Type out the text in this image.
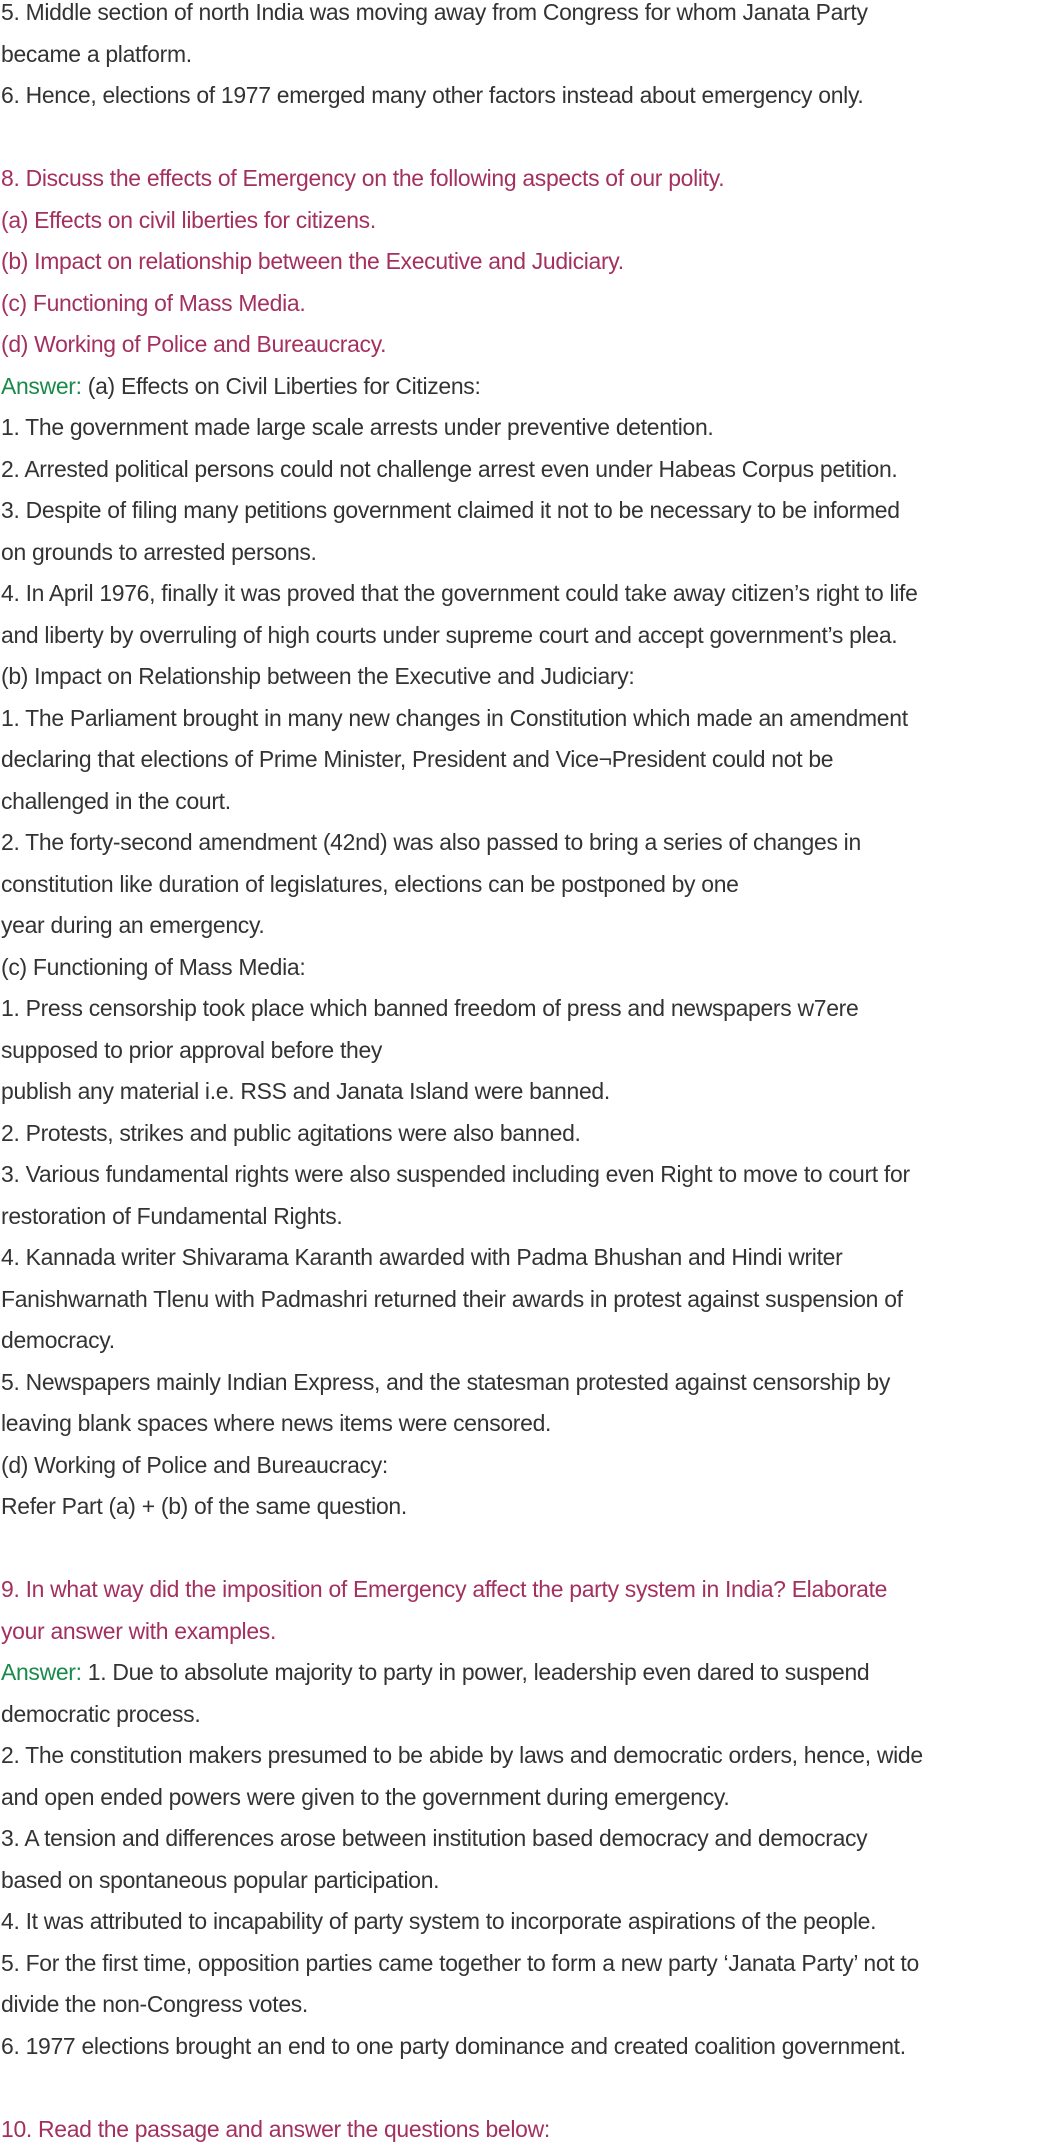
5. Middle section of north India was moving away from Congress for whom Janata Party

became a platform.

6. Hence, elections of 1977 emerged many other factors instead about emergency only.

8. Discuss the effects of Emergency on the following aspects of our polity.

(a) Effects on civil liberties for citizens.

(b) Impact on relationship between the Executive and Judiciary.

(c) Functioning of Mass Media.

(d) Working of Police and Bureaucracy.

Answer: (a) Effects on Civil Liberties for Citizens:

1. The government made large scale arrests under preventive detention.

2. Arrested political persons could not challenge arrest even under Habeas Corpus petition.

3. Despite of filing many petitions government claimed it not to be necessary to be informed

on grounds to arrested persons.

4. In April 1976, finally it was proved that the government could take away citizen’s right to life

and liberty by overruling of high courts under supreme court and accept government’s plea.

(b) Impact on Relationship between the Executive and Judiciary:

1. The Parliament brought in many new changes in Constitution which made an amendment

declaring that elections of Prime Minister, President and Vice¬President could not be

challenged in the court.

2. The forty-second amendment (42nd) was also passed to bring a series of changes in

constitution like duration of legislatures, elections can be postponed by one

year during an emergency.

(c) Functioning of Mass Media:

1. Press censorship took place which banned freedom of press and newspapers w7ere

supposed to prior approval before they

publish any material i.e. RSS and Janata Island were banned.

2. Protests, strikes and public agitations were also banned.

3. Various fundamental rights were also suspended including even Right to move to court for

restoration of Fundamental Rights.

4. Kannada writer Shivarama Karanth awarded with Padma Bhushan and Hindi writer

Fanishwarnath Tlenu with Padmashri returned their awards in protest against suspension of

democracy.

5. Newspapers mainly Indian Express, and the statesman protested against censorship by

leaving blank spaces where news items were censored.

(d) Working of Police and Bureaucracy:

Refer Part (a) + (b) of the same question.

9. In what way did the imposition of Emergency affect the party system in India? Elaborate

your answer with examples.

Answer: 1. Due to absolute majority to party in power, leadership even dared to suspend

democratic process.

2. The constitution makers presumed to be abide by laws and democratic orders, hence, wide

and open ended powers were given to the government during emergency.

3. A tension and differences arose between institution based democracy and democracy

based on spontaneous popular participation.

4. It was attributed to incapability of party system to incorporate aspirations of the people.

5. For the first time, opposition parties came together to form a new party ‘Janata Party’ not to

divide the non-Congress votes.

6. 1977 elections brought an end to one party dominance and created coalition government.

10. Read the passage and answer the questions below:
